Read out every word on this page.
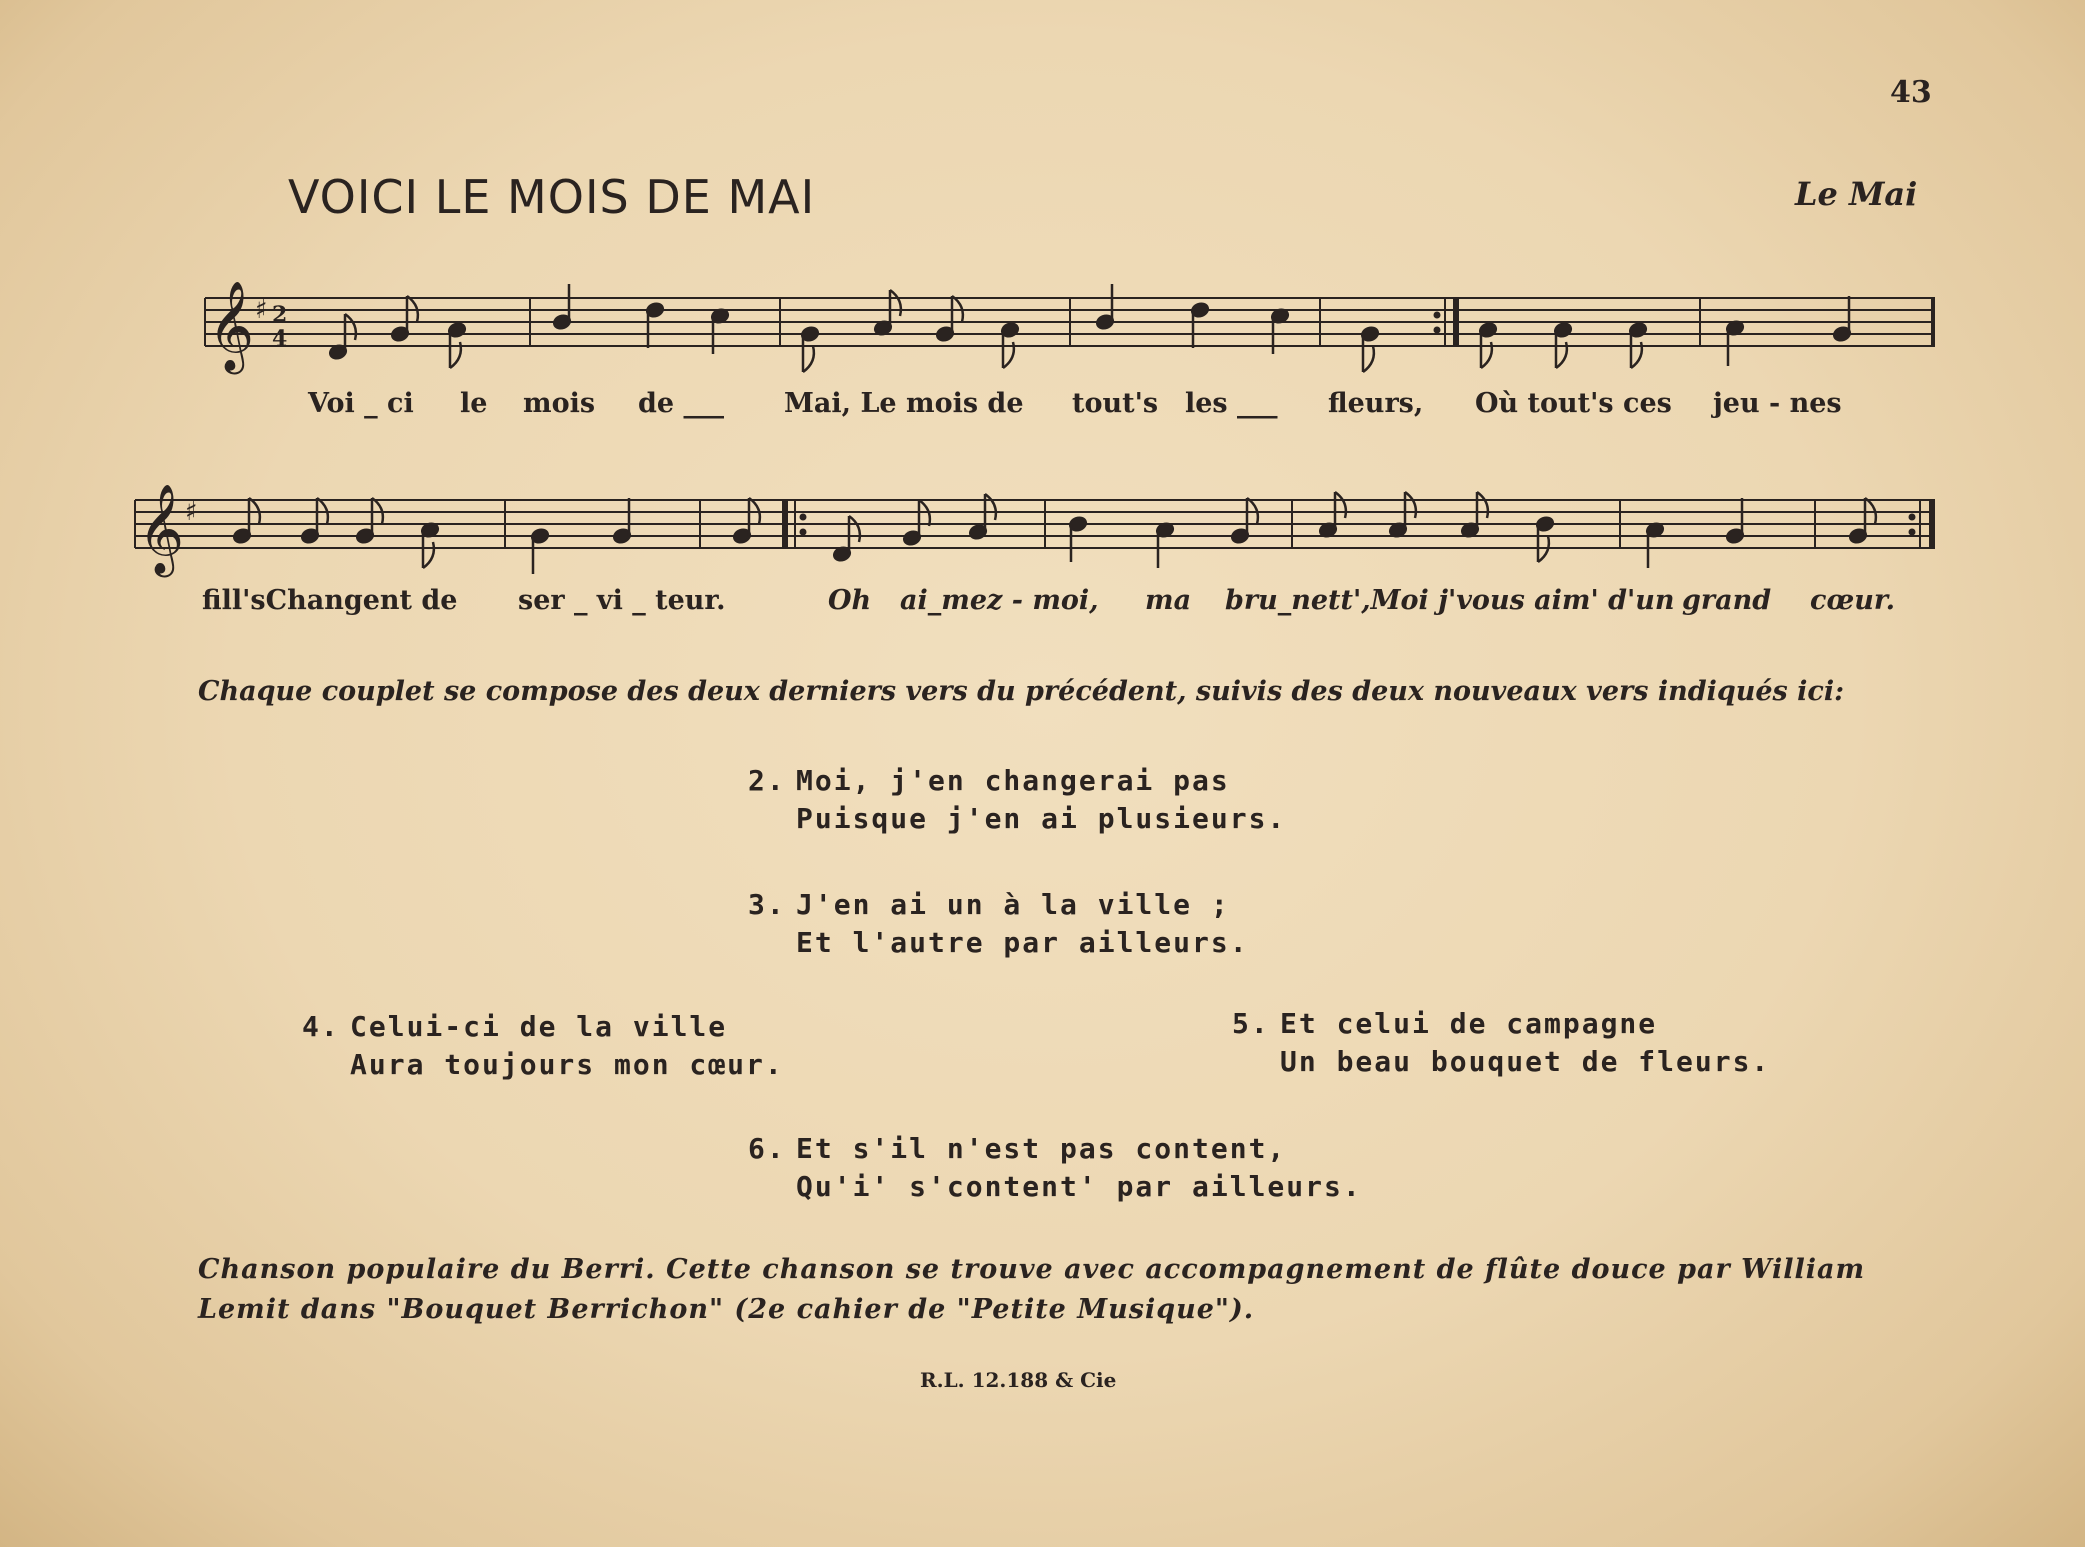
43
VOICI LE MOIS DE MAI	Le Mai
𝄞 ♯ 2
4
𝄞 ♯
Voi _ ci le mois de ___ Mai, Le mois de tout's les ___ fleurs, Où tout's ces jeu - nes
fill'sChangent de ser _ vi _ teur.	Oh ai_mez - moi, ma bru_nett',Moi j'vous aim' d'un grand cœur.
Chaque couplet se compose des deux derniers vers du précédent, suivis des deux nouveaux vers indiqués ici:
2. Moi, j'en changerai pas
Puisque j'en ai plusieurs.
3. J'en ai un à la ville ;
Et l'autre par ailleurs.
4. Celui-ci de la ville
Aura toujours mon cœur.
5. Et celui de campagne
Un beau bouquet de fleurs.
6. Et s'il n'est pas content,
Qu'i' s'content' par ailleurs.
Chanson populaire du Berri. Cette chanson se trouve avec accompagnement de flûte douce par William Lemit dans "Bouquet Berrichon" (2e cahier de "Petite Musique").
R.L. 12.188 & Cie
